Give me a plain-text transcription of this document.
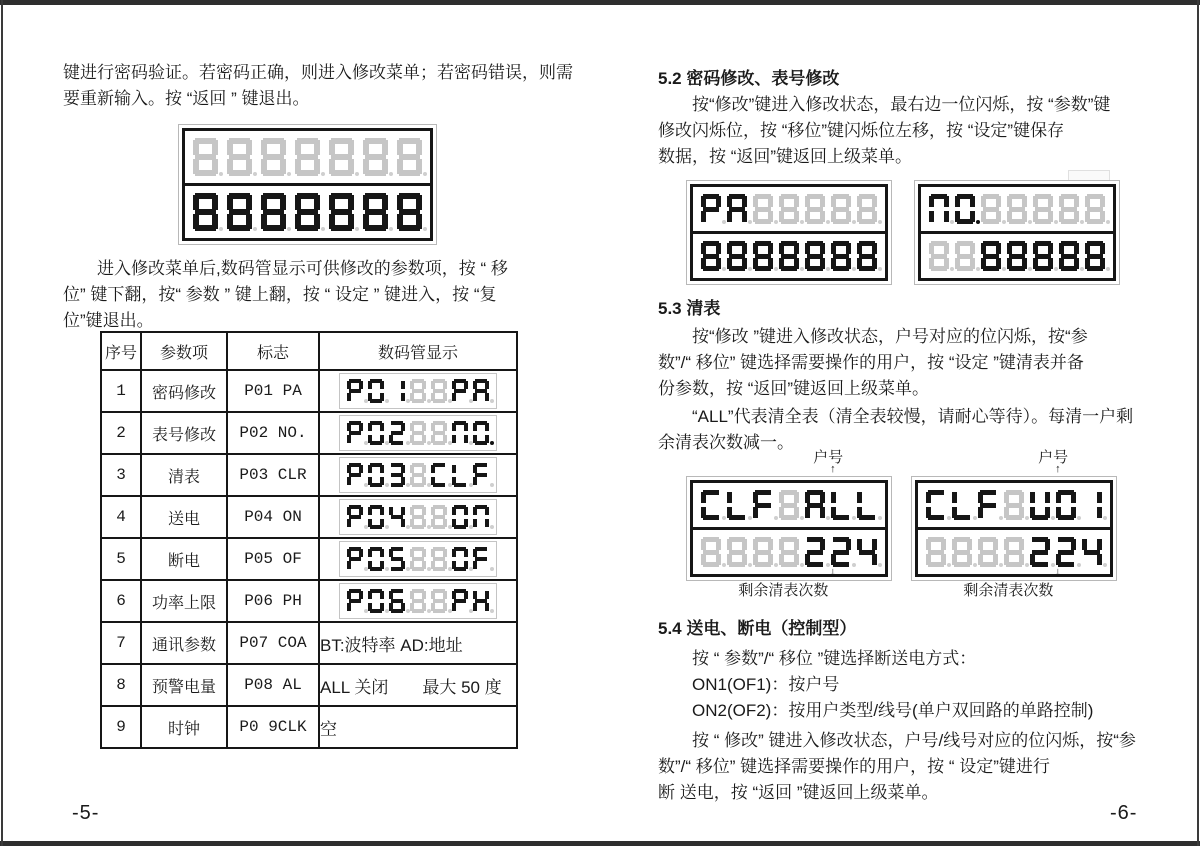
键进行密码验证。若密码正确，则进入修改菜单；若密码错误，则需
要重新输入。按 “返回 ” 键退出。
进入修改菜单后,数码管显示可供修改的参数项，按 “ 移
位” 键下翻，按“ 参数 ” 键上翻，按 “ 设定 ” 键进入，按 “复
位”键退出。
序号	参数项	标志	数码管显示
1	密码修改	P01 PA	

2	表号修改	P02 NO.	

3	清表	P03 CLR	

4	送电	P04 ON	

5	断电	P05 OF	

6	功率上限	P06 PH	

7	通讯参数	P07 COA	BT:波特率 AD:地址

8	预警电量	P08 AL	ALL 关闭　　最大 50 度

9	时钟	P0 9CLK	空
-5-
5.2 密码修改、表号修改
按“修改”键进入修改状态，最右边一位闪烁，按 “参数”键
修改闪烁位，按 “移位”键闪烁位左移，按 “设定”键保存
数据，按 “返回”键返回上级菜单。
5.3 清表
按“修改 ”键进入修改状态，户号对应的位闪烁，按“参
数”/“ 移位” 键选择需要操作的用户，按 “设定 ”键清表并备
份参数，按 “返回”键返回上级菜单。
“ALL”代表清全表（清全表较慢，请耐心等待）。每清一户剩
余清表次数减一。
户号
↑
↓
剩余清表次数
户号
↑
↓
剩余清表次数
5.4 送电、断电（控制型）
按 “ 参数”/“ 移位 ”键选择断送电方式：
ON1(OF1)：按户号
ON2(OF2)：按用户类型/线号(单户双回路的单路控制)
按 “ 修改” 键进入修改状态，户号/线号对应的位闪烁，按“参
数”/“ 移位” 键选择需要操作的用户，按 “ 设定”键进行
断 送电，按 “返回 ”键返回上级菜单。
-6-
